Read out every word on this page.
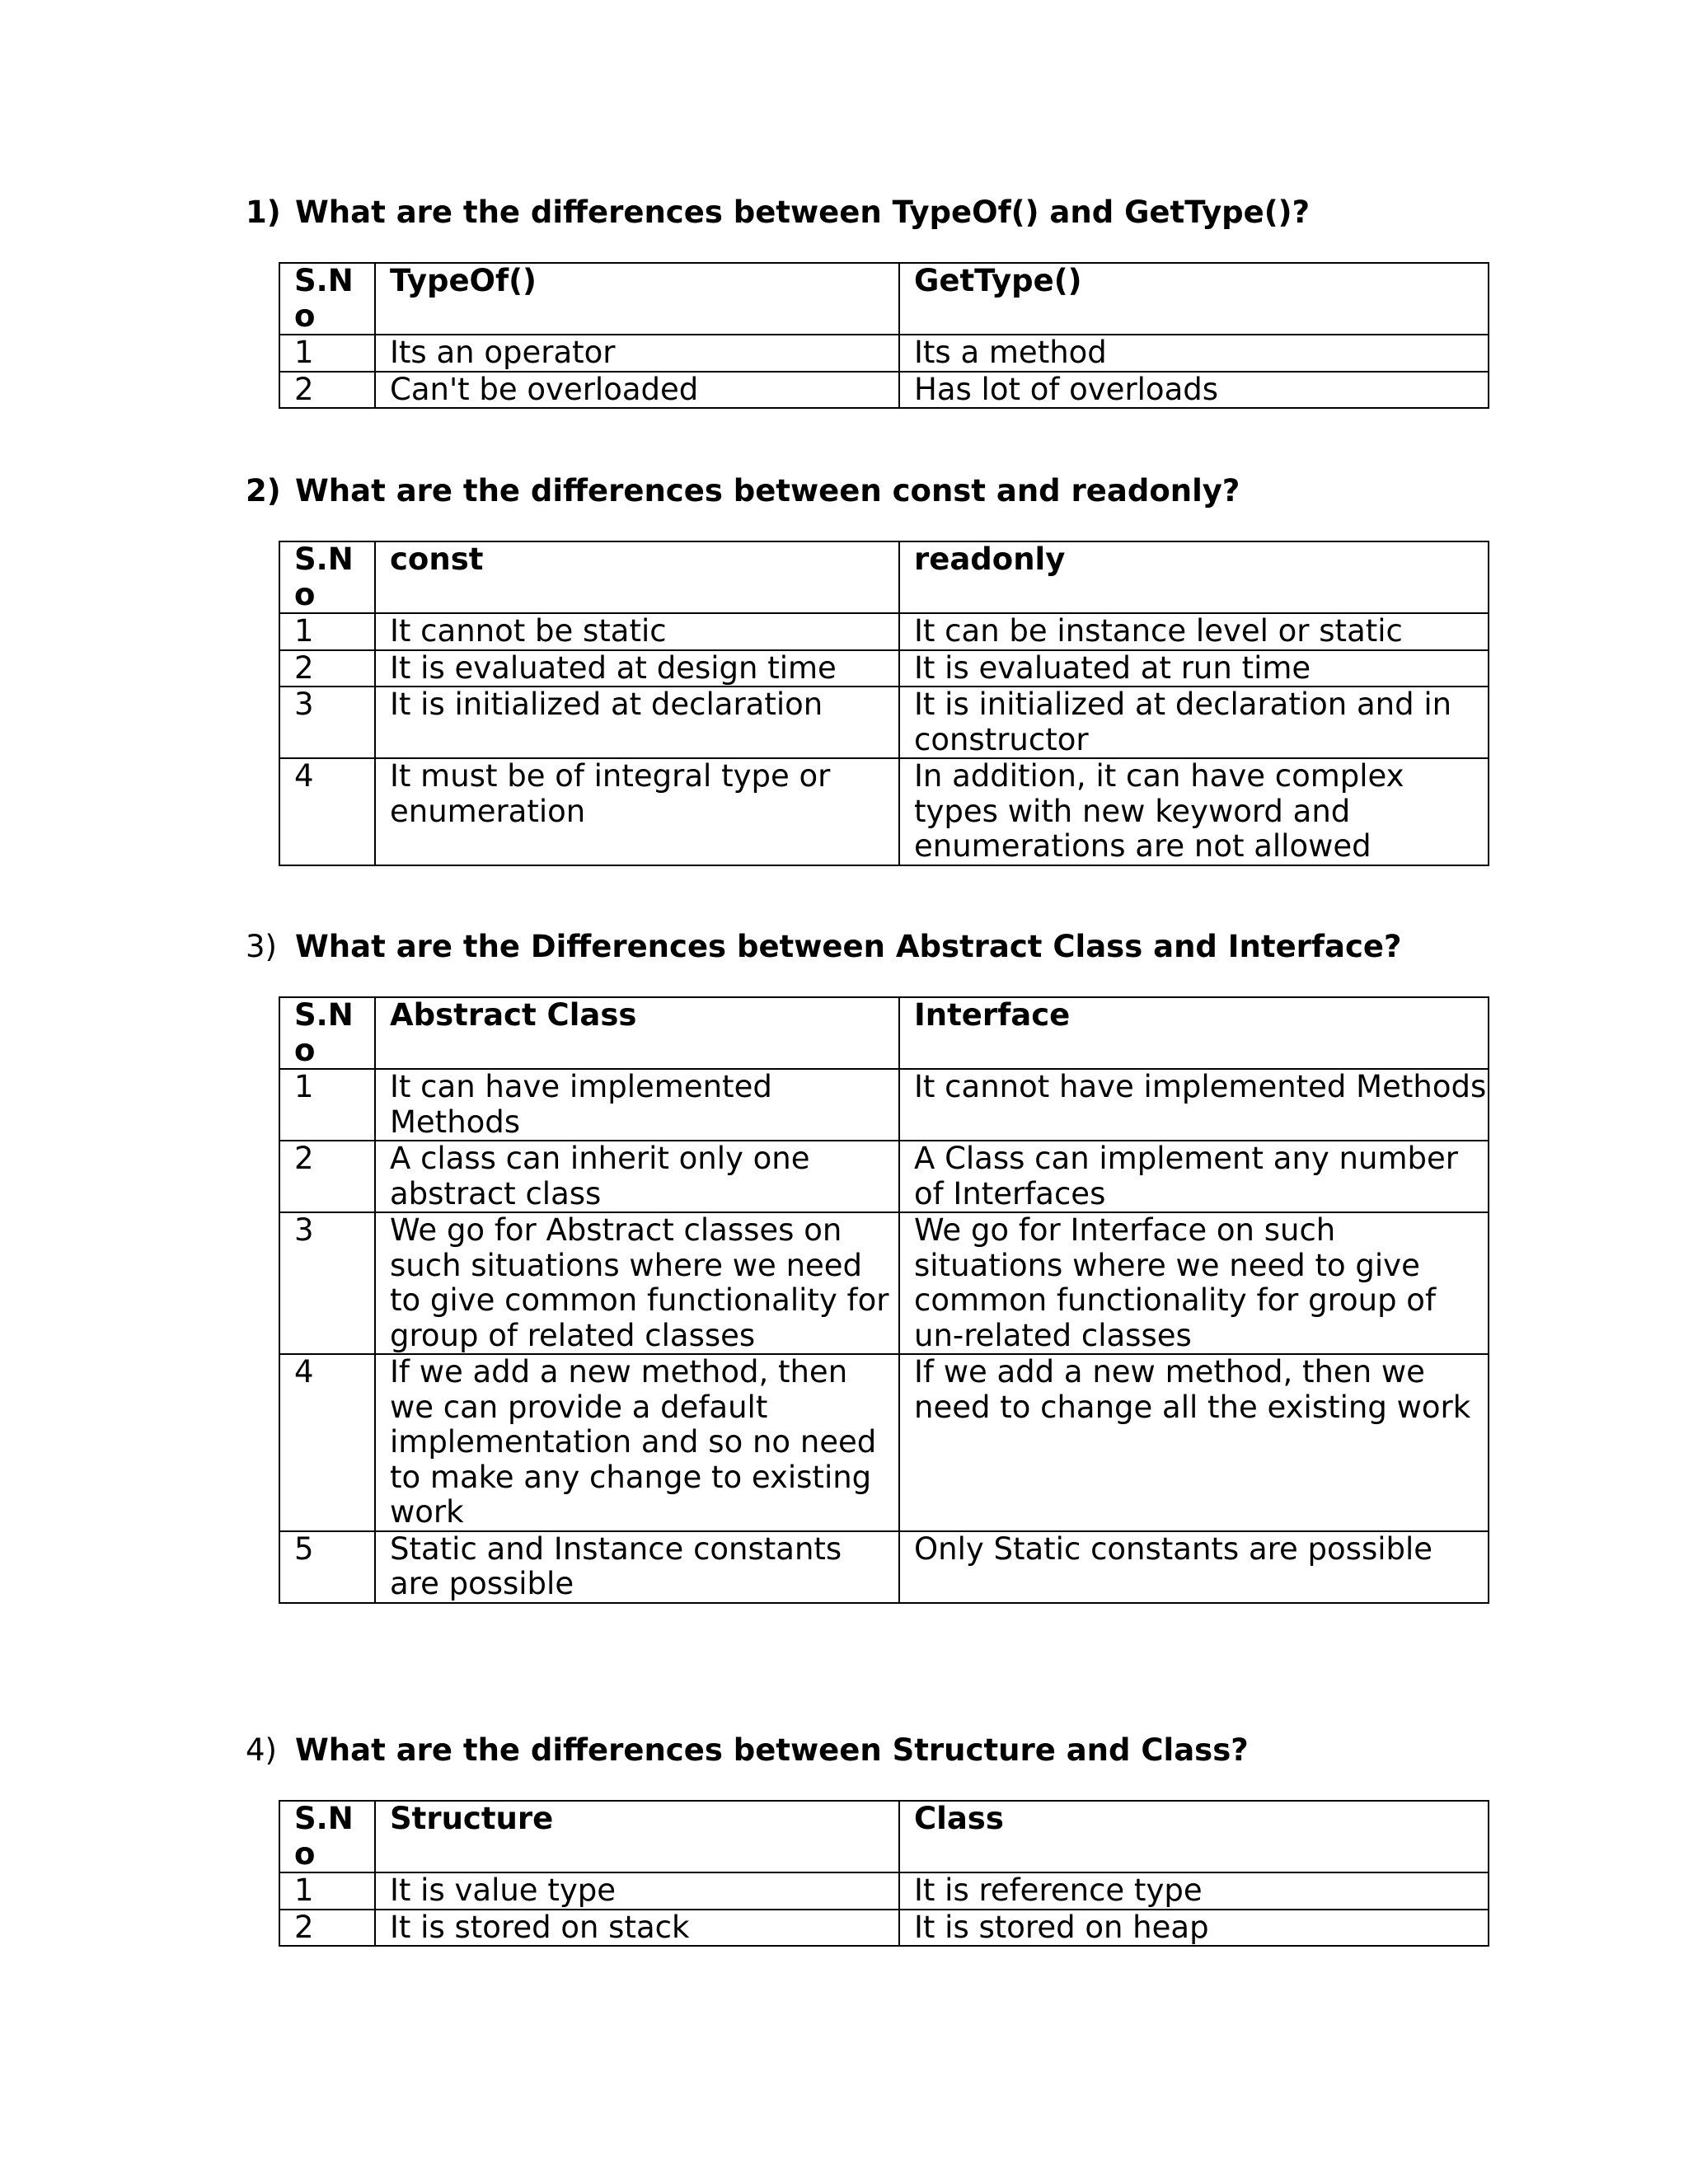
1) What are the differences between TypeOf() and GetType()?

S.No	TypeOf()	GetType()
1	Its an operator	Its a method
2	Can't be overloaded	Has lot of overloads

2) What are the differences between const and readonly?

S.No	const	readonly
1	It cannot be static	It can be instance level or static
2	It is evaluated at design time	It is evaluated at run time
3	It is initialized at declaration	It is initialized at declaration and in constructor
4	It must be of integral type or enumeration	In addition, it can have complex types with new keyword and enumerations are not allowed

3) What are the Differences between Abstract Class and Interface?

S.No	Abstract Class	Interface
1	It can have implemented Methods	It cannot have implemented Methods
2	A class can inherit only one abstract class	A Class can implement any number of Interfaces
3	We go for Abstract classes on such situations where we need to give common functionality for group of related classes	We go for Interface on such situations where we need to give common functionality for group of un-related classes
4	If we add a new method, then we can provide a default implementation and so no need to make any change to existing work	If we add a new method, then we need to change all the existing work
5	Static and Instance constants are possible	Only Static constants are possible

4) What are the differences between Structure and Class?

S.No	Structure	Class
1	It is value type	It is reference type
2	It is stored on stack	It is stored on heap
